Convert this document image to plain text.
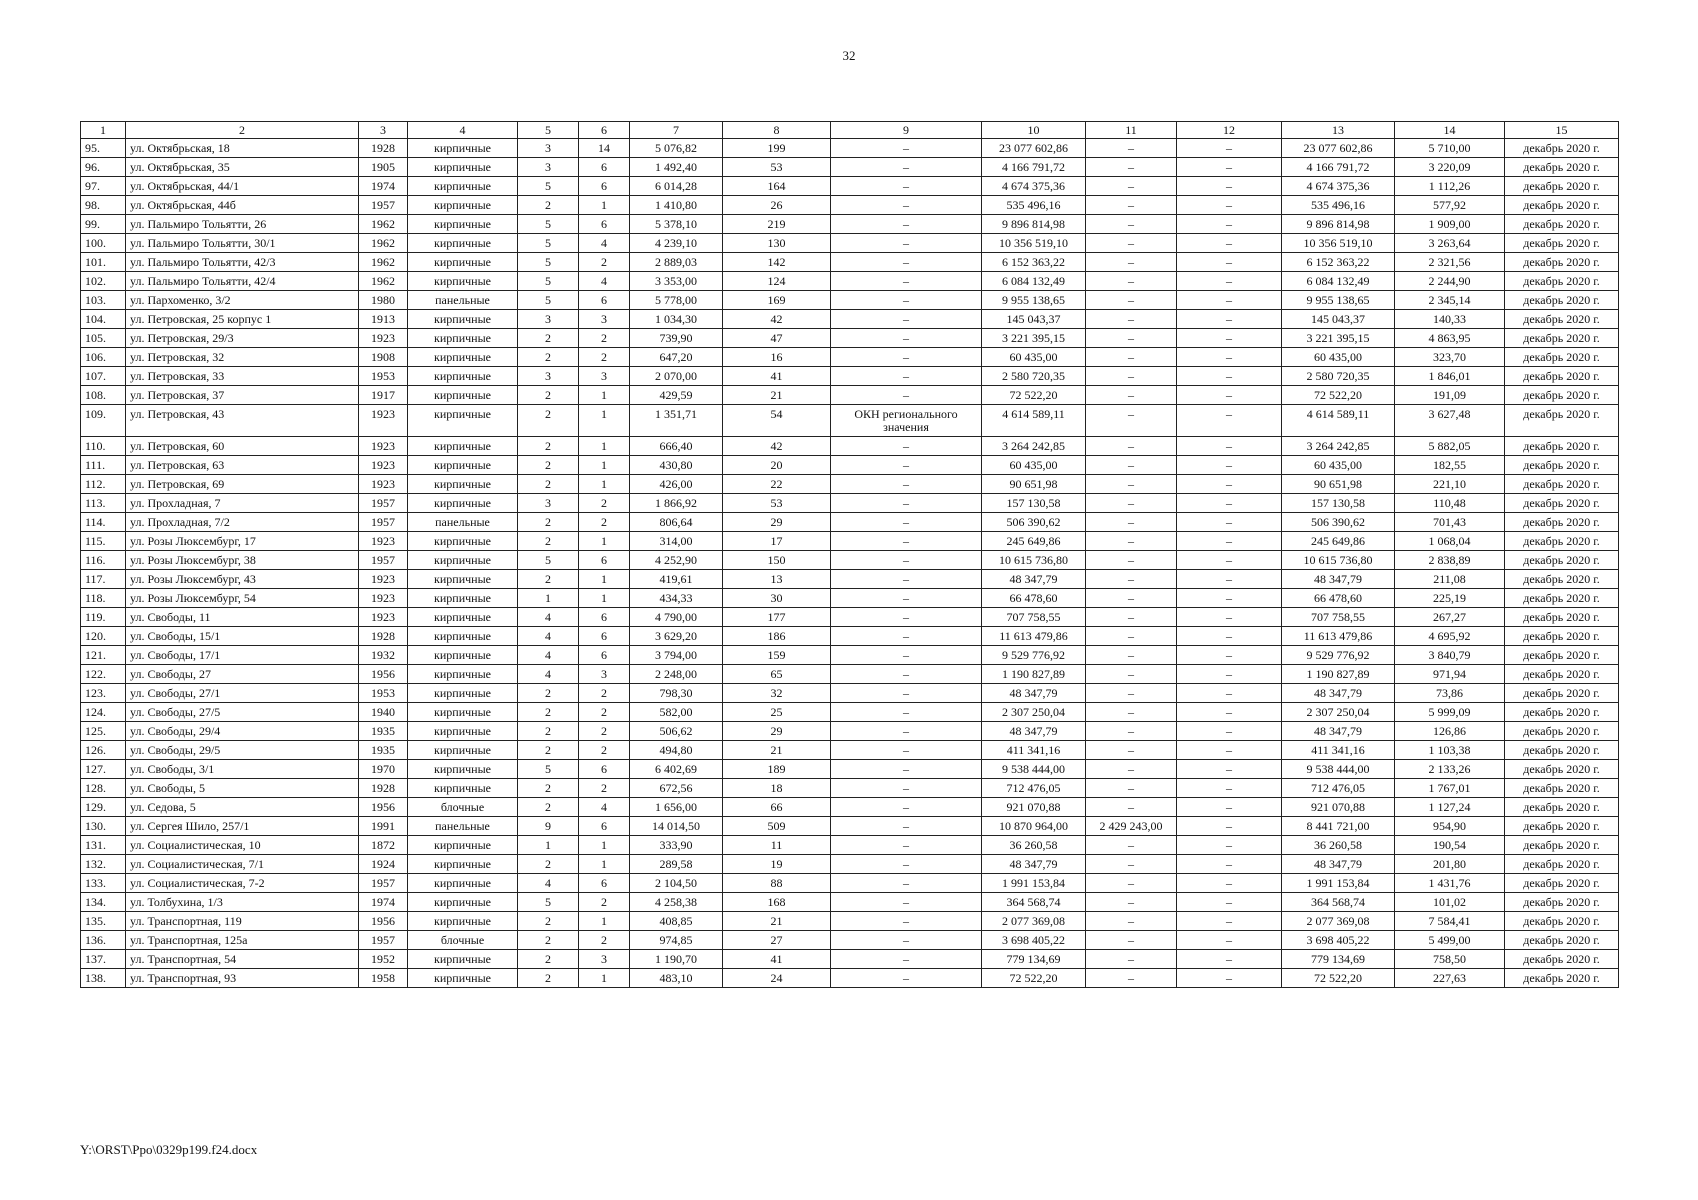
32
1	2	3	4	5	6	7	8	9	10	11	12	13	14	15
95.	ул. Октябрьская, 18	1928	кирпичные	3	14	5 076,82	199	–	23 077 602,86	–	–	23 077 602,86	5 710,00	декабрь 2020 г.
96.	ул. Октябрьская, 35	1905	кирпичные	3	6	1 492,40	53	–	4 166 791,72	–	–	4 166 791,72	3 220,09	декабрь 2020 г.
97.	ул. Октябрьская, 44/1	1974	кирпичные	5	6	6 014,28	164	–	4 674 375,36	–	–	4 674 375,36	1 112,26	декабрь 2020 г.
98.	ул. Октябрьская, 44б	1957	кирпичные	2	1	1 410,80	26	–	535 496,16	–	–	535 496,16	577,92	декабрь 2020 г.
99.	ул. Пальмиро Тольятти, 26	1962	кирпичные	5	6	5 378,10	219	–	9 896 814,98	–	–	9 896 814,98	1 909,00	декабрь 2020 г.
100.	ул. Пальмиро Тольятти, 30/1	1962	кирпичные	5	4	4 239,10	130	–	10 356 519,10	–	–	10 356 519,10	3 263,64	декабрь 2020 г.
101.	ул. Пальмиро Тольятти, 42/3	1962	кирпичные	5	2	2 889,03	142	–	6 152 363,22	–	–	6 152 363,22	2 321,56	декабрь 2020 г.
102.	ул. Пальмиро Тольятти, 42/4	1962	кирпичные	5	4	3 353,00	124	–	6 084 132,49	–	–	6 084 132,49	2 244,90	декабрь 2020 г.
103.	ул. Пархоменко, 3/2	1980	панельные	5	6	5 778,00	169	–	9 955 138,65	–	–	9 955 138,65	2 345,14	декабрь 2020 г.
104.	ул. Петровская, 25 корпус 1	1913	кирпичные	3	3	1 034,30	42	–	145 043,37	–	–	145 043,37	140,33	декабрь 2020 г.
105.	ул. Петровская, 29/3	1923	кирпичные	2	2	739,90	47	–	3 221 395,15	–	–	3 221 395,15	4 863,95	декабрь 2020 г.
106.	ул. Петровская, 32	1908	кирпичные	2	2	647,20	16	–	60 435,00	–	–	60 435,00	323,70	декабрь 2020 г.
107.	ул. Петровская, 33	1953	кирпичные	3	3	2 070,00	41	–	2 580 720,35	–	–	2 580 720,35	1 846,01	декабрь 2020 г.
108.	ул. Петровская, 37	1917	кирпичные	2	1	429,59	21	–	72 522,20	–	–	72 522,20	191,09	декабрь 2020 г.
109.	ул. Петровская, 43	1923	кирпичные	2	1	1 351,71	54	ОКН регионального значения	4 614 589,11	–	–	4 614 589,11	3 627,48	декабрь 2020 г.
110.	ул. Петровская, 60	1923	кирпичные	2	1	666,40	42	–	3 264 242,85	–	–	3 264 242,85	5 882,05	декабрь 2020 г.
111.	ул. Петровская, 63	1923	кирпичные	2	1	430,80	20	–	60 435,00	–	–	60 435,00	182,55	декабрь 2020 г.
112.	ул. Петровская, 69	1923	кирпичные	2	1	426,00	22	–	90 651,98	–	–	90 651,98	221,10	декабрь 2020 г.
113.	ул. Прохладная, 7	1957	кирпичные	3	2	1 866,92	53	–	157 130,58	–	–	157 130,58	110,48	декабрь 2020 г.
114.	ул. Прохладная, 7/2	1957	панельные	2	2	806,64	29	–	506 390,62	–	–	506 390,62	701,43	декабрь 2020 г.
115.	ул. Розы Люксембург, 17	1923	кирпичные	2	1	314,00	17	–	245 649,86	–	–	245 649,86	1 068,04	декабрь 2020 г.
116.	ул. Розы Люксембург, 38	1957	кирпичные	5	6	4 252,90	150	–	10 615 736,80	–	–	10 615 736,80	2 838,89	декабрь 2020 г.
117.	ул. Розы Люксембург, 43	1923	кирпичные	2	1	419,61	13	–	48 347,79	–	–	48 347,79	211,08	декабрь 2020 г.
118.	ул. Розы Люксембург, 54	1923	кирпичные	1	1	434,33	30	–	66 478,60	–	–	66 478,60	225,19	декабрь 2020 г.
119.	ул. Свободы, 11	1923	кирпичные	4	6	4 790,00	177	–	707 758,55	–	–	707 758,55	267,27	декабрь 2020 г.
120.	ул. Свободы, 15/1	1928	кирпичные	4	6	3 629,20	186	–	11 613 479,86	–	–	11 613 479,86	4 695,92	декабрь 2020 г.
121.	ул. Свободы, 17/1	1932	кирпичные	4	6	3 794,00	159	–	9 529 776,92	–	–	9 529 776,92	3 840,79	декабрь 2020 г.
122.	ул. Свободы, 27	1956	кирпичные	4	3	2 248,00	65	–	1 190 827,89	–	–	1 190 827,89	971,94	декабрь 2020 г.
123.	ул. Свободы, 27/1	1953	кирпичные	2	2	798,30	32	–	48 347,79	–	–	48 347,79	73,86	декабрь 2020 г.
124.	ул. Свободы, 27/5	1940	кирпичные	2	2	582,00	25	–	2 307 250,04	–	–	2 307 250,04	5 999,09	декабрь 2020 г.
125.	ул. Свободы, 29/4	1935	кирпичные	2	2	506,62	29	–	48 347,79	–	–	48 347,79	126,86	декабрь 2020 г.
126.	ул. Свободы, 29/5	1935	кирпичные	2	2	494,80	21	–	411 341,16	–	–	411 341,16	1 103,38	декабрь 2020 г.
127.	ул. Свободы, 3/1	1970	кирпичные	5	6	6 402,69	189	–	9 538 444,00	–	–	9 538 444,00	2 133,26	декабрь 2020 г.
128.	ул. Свободы, 5	1928	кирпичные	2	2	672,56	18	–	712 476,05	–	–	712 476,05	1 767,01	декабрь 2020 г.
129.	ул. Седова, 5	1956	блочные	2	4	1 656,00	66	–	921 070,88	–	–	921 070,88	1 127,24	декабрь 2020 г.
130.	ул. Сергея Шило, 257/1	1991	панельные	9	6	14 014,50	509	–	10 870 964,00	2 429 243,00	–	8 441 721,00	954,90	декабрь 2020 г.
131.	ул. Социалистическая, 10	1872	кирпичные	1	1	333,90	11	–	36 260,58	–	–	36 260,58	190,54	декабрь 2020 г.
132.	ул. Социалистическая, 7/1	1924	кирпичные	2	1	289,58	19	–	48 347,79	–	–	48 347,79	201,80	декабрь 2020 г.
133.	ул. Социалистическая, 7-2	1957	кирпичные	4	6	2 104,50	88	–	1 991 153,84	–	–	1 991 153,84	1 431,76	декабрь 2020 г.
134.	ул. Толбухина, 1/3	1974	кирпичные	5	2	4 258,38	168	–	364 568,74	–	–	364 568,74	101,02	декабрь 2020 г.
135.	ул. Транспортная, 119	1956	кирпичные	2	1	408,85	21	–	2 077 369,08	–	–	2 077 369,08	7 584,41	декабрь 2020 г.
136.	ул. Транспортная, 125а	1957	блочные	2	2	974,85	27	–	3 698 405,22	–	–	3 698 405,22	5 499,00	декабрь 2020 г.
137.	ул. Транспортная, 54	1952	кирпичные	2	3	1 190,70	41	–	779 134,69	–	–	779 134,69	758,50	декабрь 2020 г.
138.	ул. Транспортная, 93	1958	кирпичные	2	1	483,10	24	–	72 522,20	–	–	72 522,20	227,63	декабрь 2020 г.
Y:\ORST\Ppo\0329p199.f24.docx
